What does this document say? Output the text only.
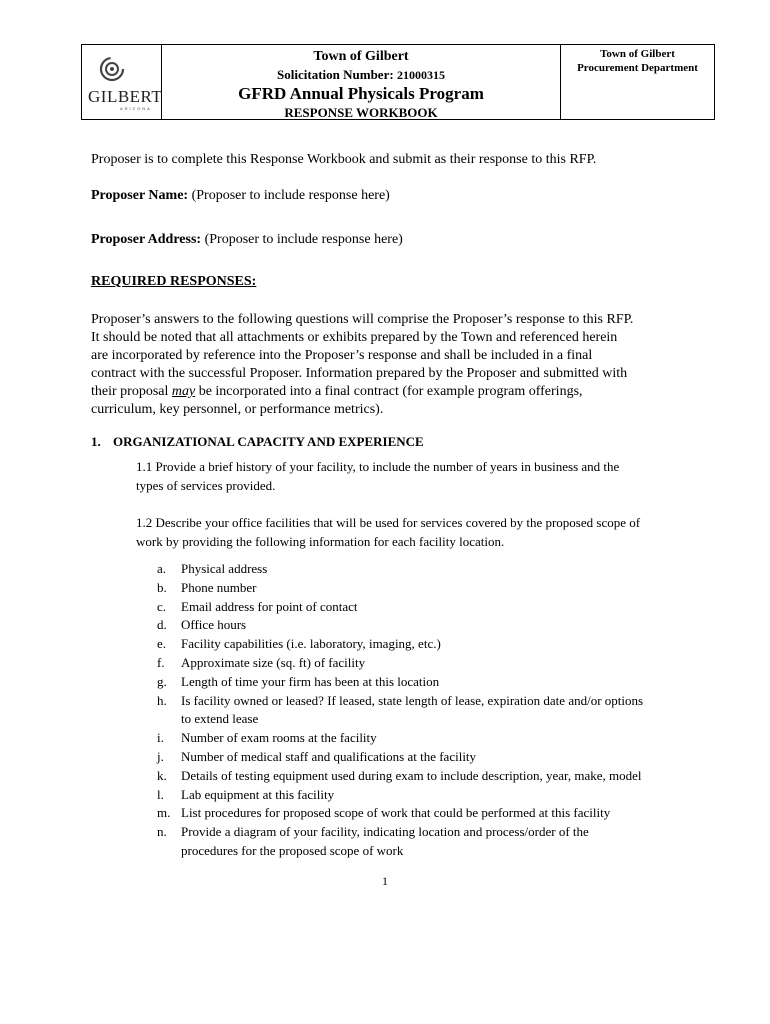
GILBERT
ARIZONA
Town of Gilbert
Solicitation Number: 21000315
GFRD Annual Physicals Program
RESPONSE WORKBOOK
Town of Gilbert
Procurement Department
Proposer is to complete this Response Workbook and submit as their response to this RFP.
Proposer Name: (Proposer to include response here)
Proposer Address: (Proposer to include response here)
REQUIRED RESPONSES:
Proposer’s answers to the following questions will comprise the Proposer’s response to this RFP.
It should be noted that all attachments or exhibits prepared by the Town and referenced herein
are incorporated by reference into the Proposer’s response and shall be included in a final
contract with the successful Proposer. Information prepared by the Proposer and submitted with
their proposal may be incorporated into a final contract (for example program offerings,
curriculum, key personnel, or performance metrics).
1. ORGANIZATIONAL CAPACITY AND EXPERIENCE
1.1 Provide a brief history of your facility, to include the number of years in business and the
types of services provided.
1.2 Describe your office facilities that will be used for services covered by the proposed scope of
work by providing the following information for each facility location.
a.	Physical address
b.	Phone number
c.	Email address for point of contact
d.	Office hours
e.	Facility capabilities (i.e. laboratory, imaging, etc.)
f.	Approximate size (sq. ft) of facility
g.	Length of time your firm has been at this location
h.	Is facility owned or leased? If leased, state length of lease, expiration date and/or options
to extend lease
i.	Number of exam rooms at the facility
j.	Number of medical staff and qualifications at the facility
k.	Details of testing equipment used during exam to include description, year, make, model
l.	Lab equipment at this facility
m. List procedures for proposed scope of work that could be performed at this facility
n.	Provide a diagram of your facility, indicating location and process/order of the
procedures for the proposed scope of work
1
